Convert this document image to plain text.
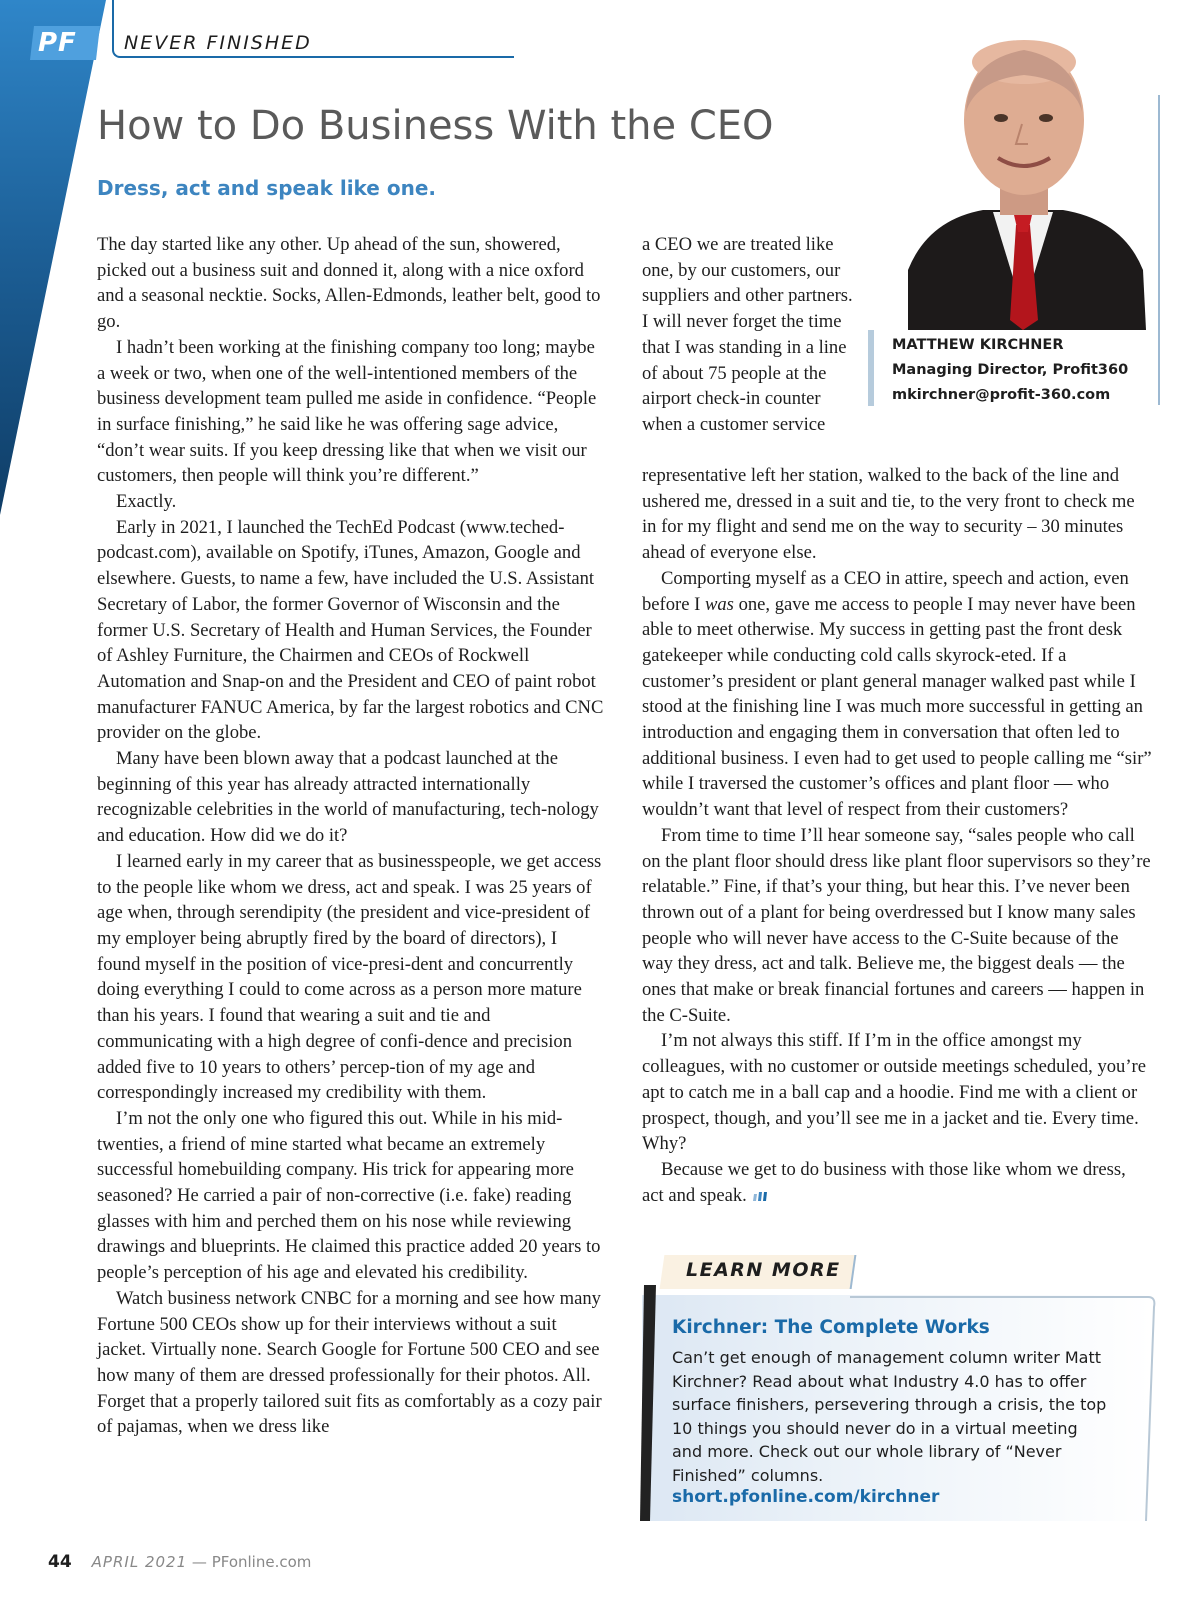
PF	NEVER FINISHED
How to Do Business With the CEO
Dress, act and speak like one.
MATTHEW KIRCHNER
Managing Director, Profit360
mkirchner@profit-360.com

The day started like any other. Up ahead of the sun, showered, picked out a business suit and donned it, along with a nice oxford and a seasonal necktie. Socks, Allen-Edmonds, leather belt, good to go.

I hadn’t been working at the finishing company too long; maybe a week or two, when one of the well-intentioned members of the business development team pulled me aside in confidence. “People in surface finishing,” he said like he was offering sage advice, “don’t wear suits. If you keep dressing like that when we visit our customers, then people will think you’re different.”

Exactly.

Early in 2021, I launched the TechEd Podcast (www.teched-podcast.com), available on Spotify, iTunes, Amazon, Google and elsewhere. Guests, to name a few, have included the U.S. Assistant Secretary of Labor, the former Governor of Wisconsin and the former U.S. Secretary of Health and Human Services, the Founder of Ashley Furniture, the Chairmen and CEOs of Rockwell Automation and Snap-on and the President and CEO of paint robot manufacturer FANUC America, by far the largest robotics and CNC provider on the globe.

Many have been blown away that a podcast launched at the beginning of this year has already attracted internationally recognizable celebrities in the world of manufacturing, tech-nology and education. How did we do it?

I learned early in my career that as businesspeople, we get access to the people like whom we dress, act and speak. I was 25 years of age when, through serendipity (the president and vice-president of my employer being abruptly fired by the board of directors), I found myself in the position of vice-presi-dent and concurrently doing everything I could to come across as a person more mature than his years. I found that wearing a suit and tie and communicating with a high degree of confi-dence and precision added five to 10 years to others’ percep-tion of my age and correspondingly increased my credibility with them.

I’m not the only one who figured this out. While in his mid-twenties, a friend of mine started what became an extremely successful homebuilding company. His trick for appearing more seasoned? He carried a pair of non-corrective (i.e. fake) reading glasses with him and perched them on his nose while reviewing drawings and blueprints. He claimed this practice added 20 years to people’s perception of his age and elevated his credibility.

Watch business network CNBC for a morning and see how many Fortune 500 CEOs show up for their interviews without a suit jacket. Virtually none. Search Google for Fortune 500 CEO and see how many of them are dressed professionally for their photos. All. Forget that a properly tailored suit fits as comfortably as a cozy pair of pajamas, when we dress like

a CEO we are treated like one, by our customers, our suppliers and other partners. I will never forget the time that I was standing in a line of about 75 people at the airport check-in counter when a customer service

representative left her station, walked to the back of the line and ushered me, dressed in a suit and tie, to the very front to check me in for my flight and send me on the way to security – 30 minutes ahead of everyone else.

Comporting myself as a CEO in attire, speech and action, even before I was one, gave me access to people I may never have been able to meet otherwise. My success in getting past the front desk gatekeeper while conducting cold calls skyrock-eted. If a customer’s president or plant general manager walked past while I stood at the finishing line I was much more successful in getting an introduction and engaging them in conversation that often led to additional business. I even had to get used to people calling me “sir” while I traversed the customer’s offices and plant floor — who wouldn’t want that level of respect from their customers?

From time to time I’ll hear someone say, “sales people who call on the plant floor should dress like plant floor supervisors so they’re relatable.” Fine, if that’s your thing, but hear this. I’ve never been thrown out of a plant for being overdressed but I know many sales people who will never have access to the C-Suite because of the way they dress, act and talk. Believe me, the biggest deals — the ones that make or break financial fortunes and careers — happen in the C-Suite.

I’m not always this stiff. If I’m in the office amongst my colleagues, with no customer or outside meetings scheduled, you’re apt to catch me in a ball cap and a hoodie. Find me with a client or prospect, though, and you’ll see me in a jacket and tie. Every time. Why?

Because we get to do business with those like whom we dress, act and speak.

LEARN MORE
Kirchner: The Complete Works

Can’t get enough of management column writer Matt Kirchner? Read about what Industry 4.0 has to offer surface finishers, persevering through a crisis, the top 10 things you should never do in a virtual meeting and more. Check out our whole library of “Never Finished” columns.

short.pfonline.com/kirchner
44 APRIL 2021 — PFonline.com
